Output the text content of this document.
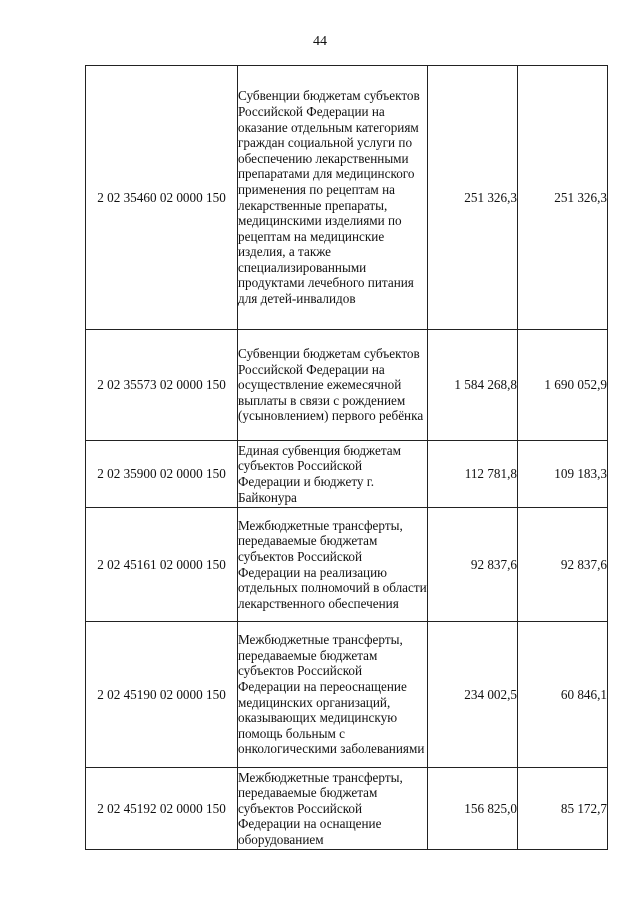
44
2 02 35460 02 0000 150	Субвенции бюджетам субъектов Российской Федерации на оказание отдельным категориям граждан социальной услуги по обеспечению лекарственными препаратами для медицинского применения по рецептам на лекарственные препараты, медицинскими изделиями по рецептам на медицинские изделия, а также специализированными продуктами лечебного питания для детей-инвалидов	251 326,3	251 326,3
2 02 35573 02 0000 150	Субвенции бюджетам субъектов Российской Федерации на осуществление ежемесячной выплаты в связи с рождением (усыновлением) первого ребёнка	1 584 268,8	1 690 052,9
2 02 35900 02 0000 150	Единая субвенция бюджетам субъектов Российской Федерации и бюджету г. Байконура	112 781,8	109 183,3
2 02 45161 02 0000 150	Межбюджетные трансферты, передаваемые бюджетам субъектов Российской Федерации на реализацию отдельных полномочий в области лекарственного обеспечения	92 837,6	92 837,6
2 02 45190 02 0000 150	Межбюджетные трансферты, передаваемые бюджетам субъектов Российской Федерации на переоснащение медицинских организаций, оказывающих медицинскую помощь больным с онкологическими заболеваниями	234 002,5	60 846,1
2 02 45192 02 0000 150	Межбюджетные трансферты, передаваемые бюджетам субъектов Российской Федерации на оснащение оборудованием	156 825,0	85 172,7
